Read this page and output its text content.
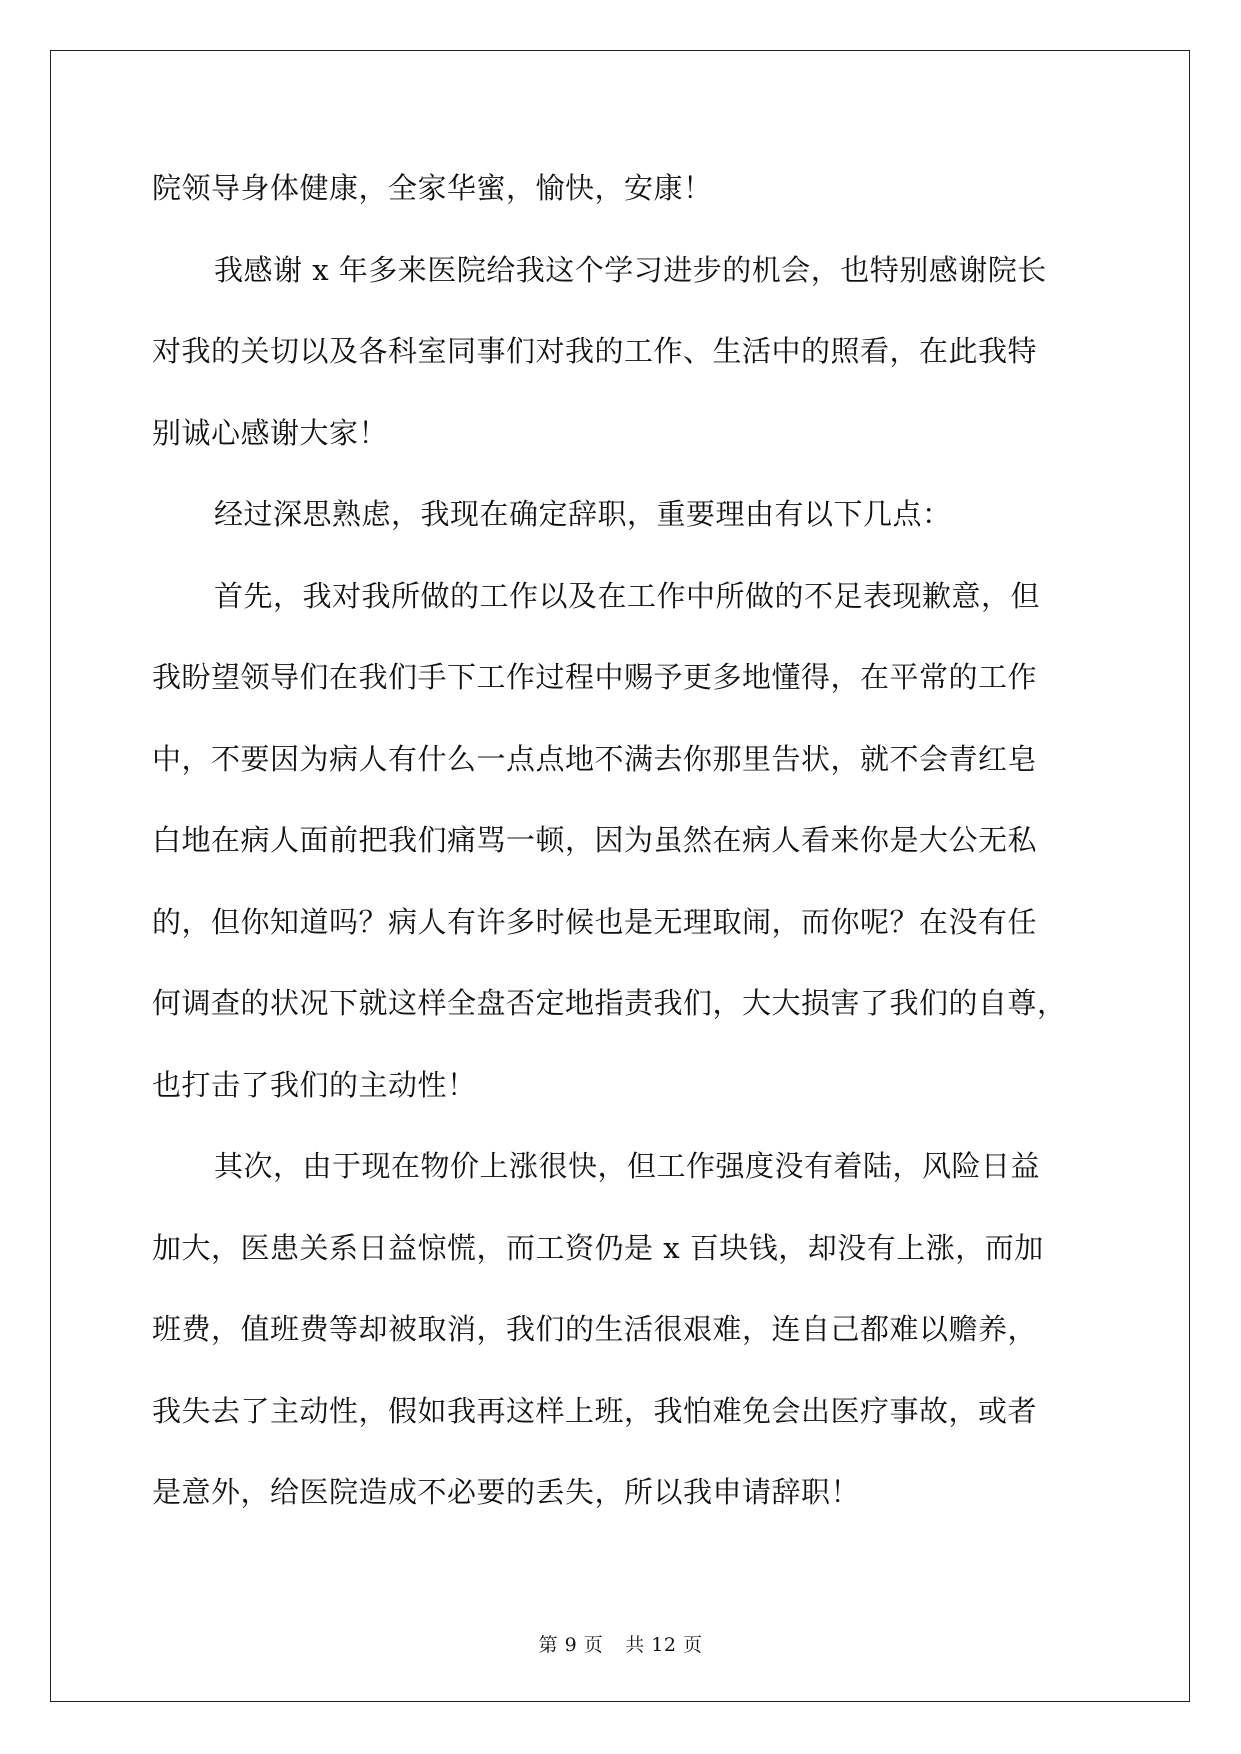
院领导身体健康，全家华蜜，愉快，安康！
我感谢 x 年多来医院给我这个学习进步的机会，也特别感谢院长
对我的关切以及各科室同事们对我的工作、生活中的照看，在此我特
别诚心感谢大家！
经过深思熟虑，我现在确定辞职，重要理由有以下几点：
首先，我对我所做的工作以及在工作中所做的不足表现歉意，但
我盼望领导们在我们手下工作过程中赐予更多地懂得，在平常的工作
中，不要因为病人有什么一点点地不满去你那里告状，就不会青红皂
白地在病人面前把我们痛骂一顿，因为虽然在病人看来你是大公无私
的，但你知道吗？病人有许多时候也是无理取闹，而你呢？在没有任
何调查的状况下就这样全盘否定地指责我们，大大损害了我们的自尊，
也打击了我们的主动性！
其次，由于现在物价上涨很快，但工作强度没有着陆，风险日益
加大，医患关系日益惊慌，而工资仍是 x 百块钱，却没有上涨，而加
班费，值班费等却被取消，我们的生活很艰难，连自己都难以赡养，
我失去了主动性，假如我再这样上班，我怕难免会出医疗事故，或者
是意外，给医院造成不必要的丢失，所以我申请辞职！
第 9 页 共 12 页
